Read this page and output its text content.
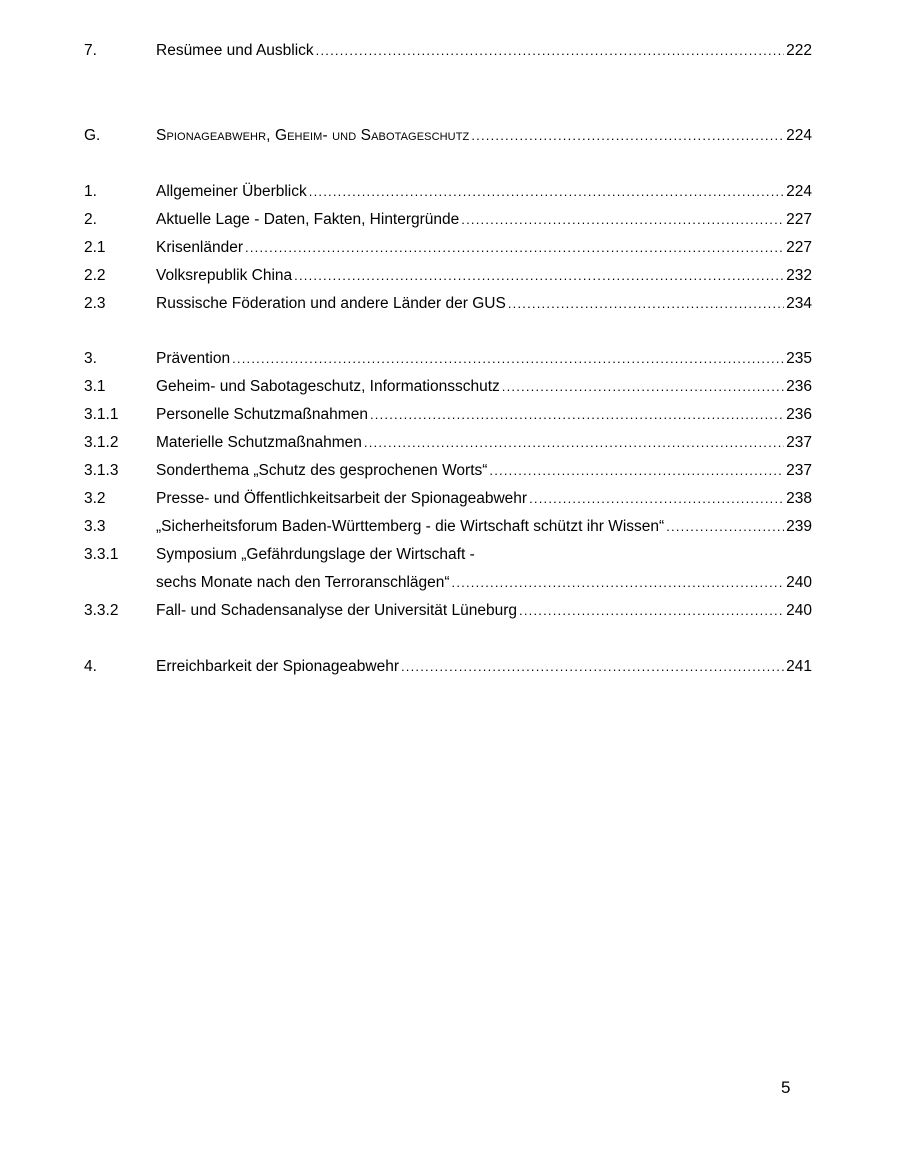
7.	Resümee und Ausblick .....	222
G.	Spionageabwehr, Geheim- und Sabotageschutz .....	224
1.	Allgemeiner Überblick .....	224
2.	Aktuelle Lage - Daten, Fakten, Hintergründe .....	227
2.1	Krisenländer .....	227
2.2	Volksrepublik China .....	232
2.3	Russische Föderation und andere Länder der GUS .....	234
3.	Prävention .....	235
3.1	Geheim- und Sabotageschutz, Informationsschutz .....	236
3.1.1	Personelle Schutzmaßnahmen .....	236
3.1.2	Materielle Schutzmaßnahmen .....	237
3.1.3	Sonderthema „Schutz des gesprochenen Worts“ .....	237
3.2	Presse- und Öffentlichkeitsarbeit der Spionageabwehr .....	238
3.3	„Sicherheitsforum Baden-Württemberg - die Wirtschaft schützt ihr Wissen“ .....	239
3.3.1	Symposium „Gefährdungslage der Wirtschaft -
sechs Monate nach den Terroranschlägen“ .....	240
3.3.2	Fall- und Schadensanalyse der Universität Lüneburg .....	240
4.	Erreichbarkeit der Spionageabwehr .....	241
5
